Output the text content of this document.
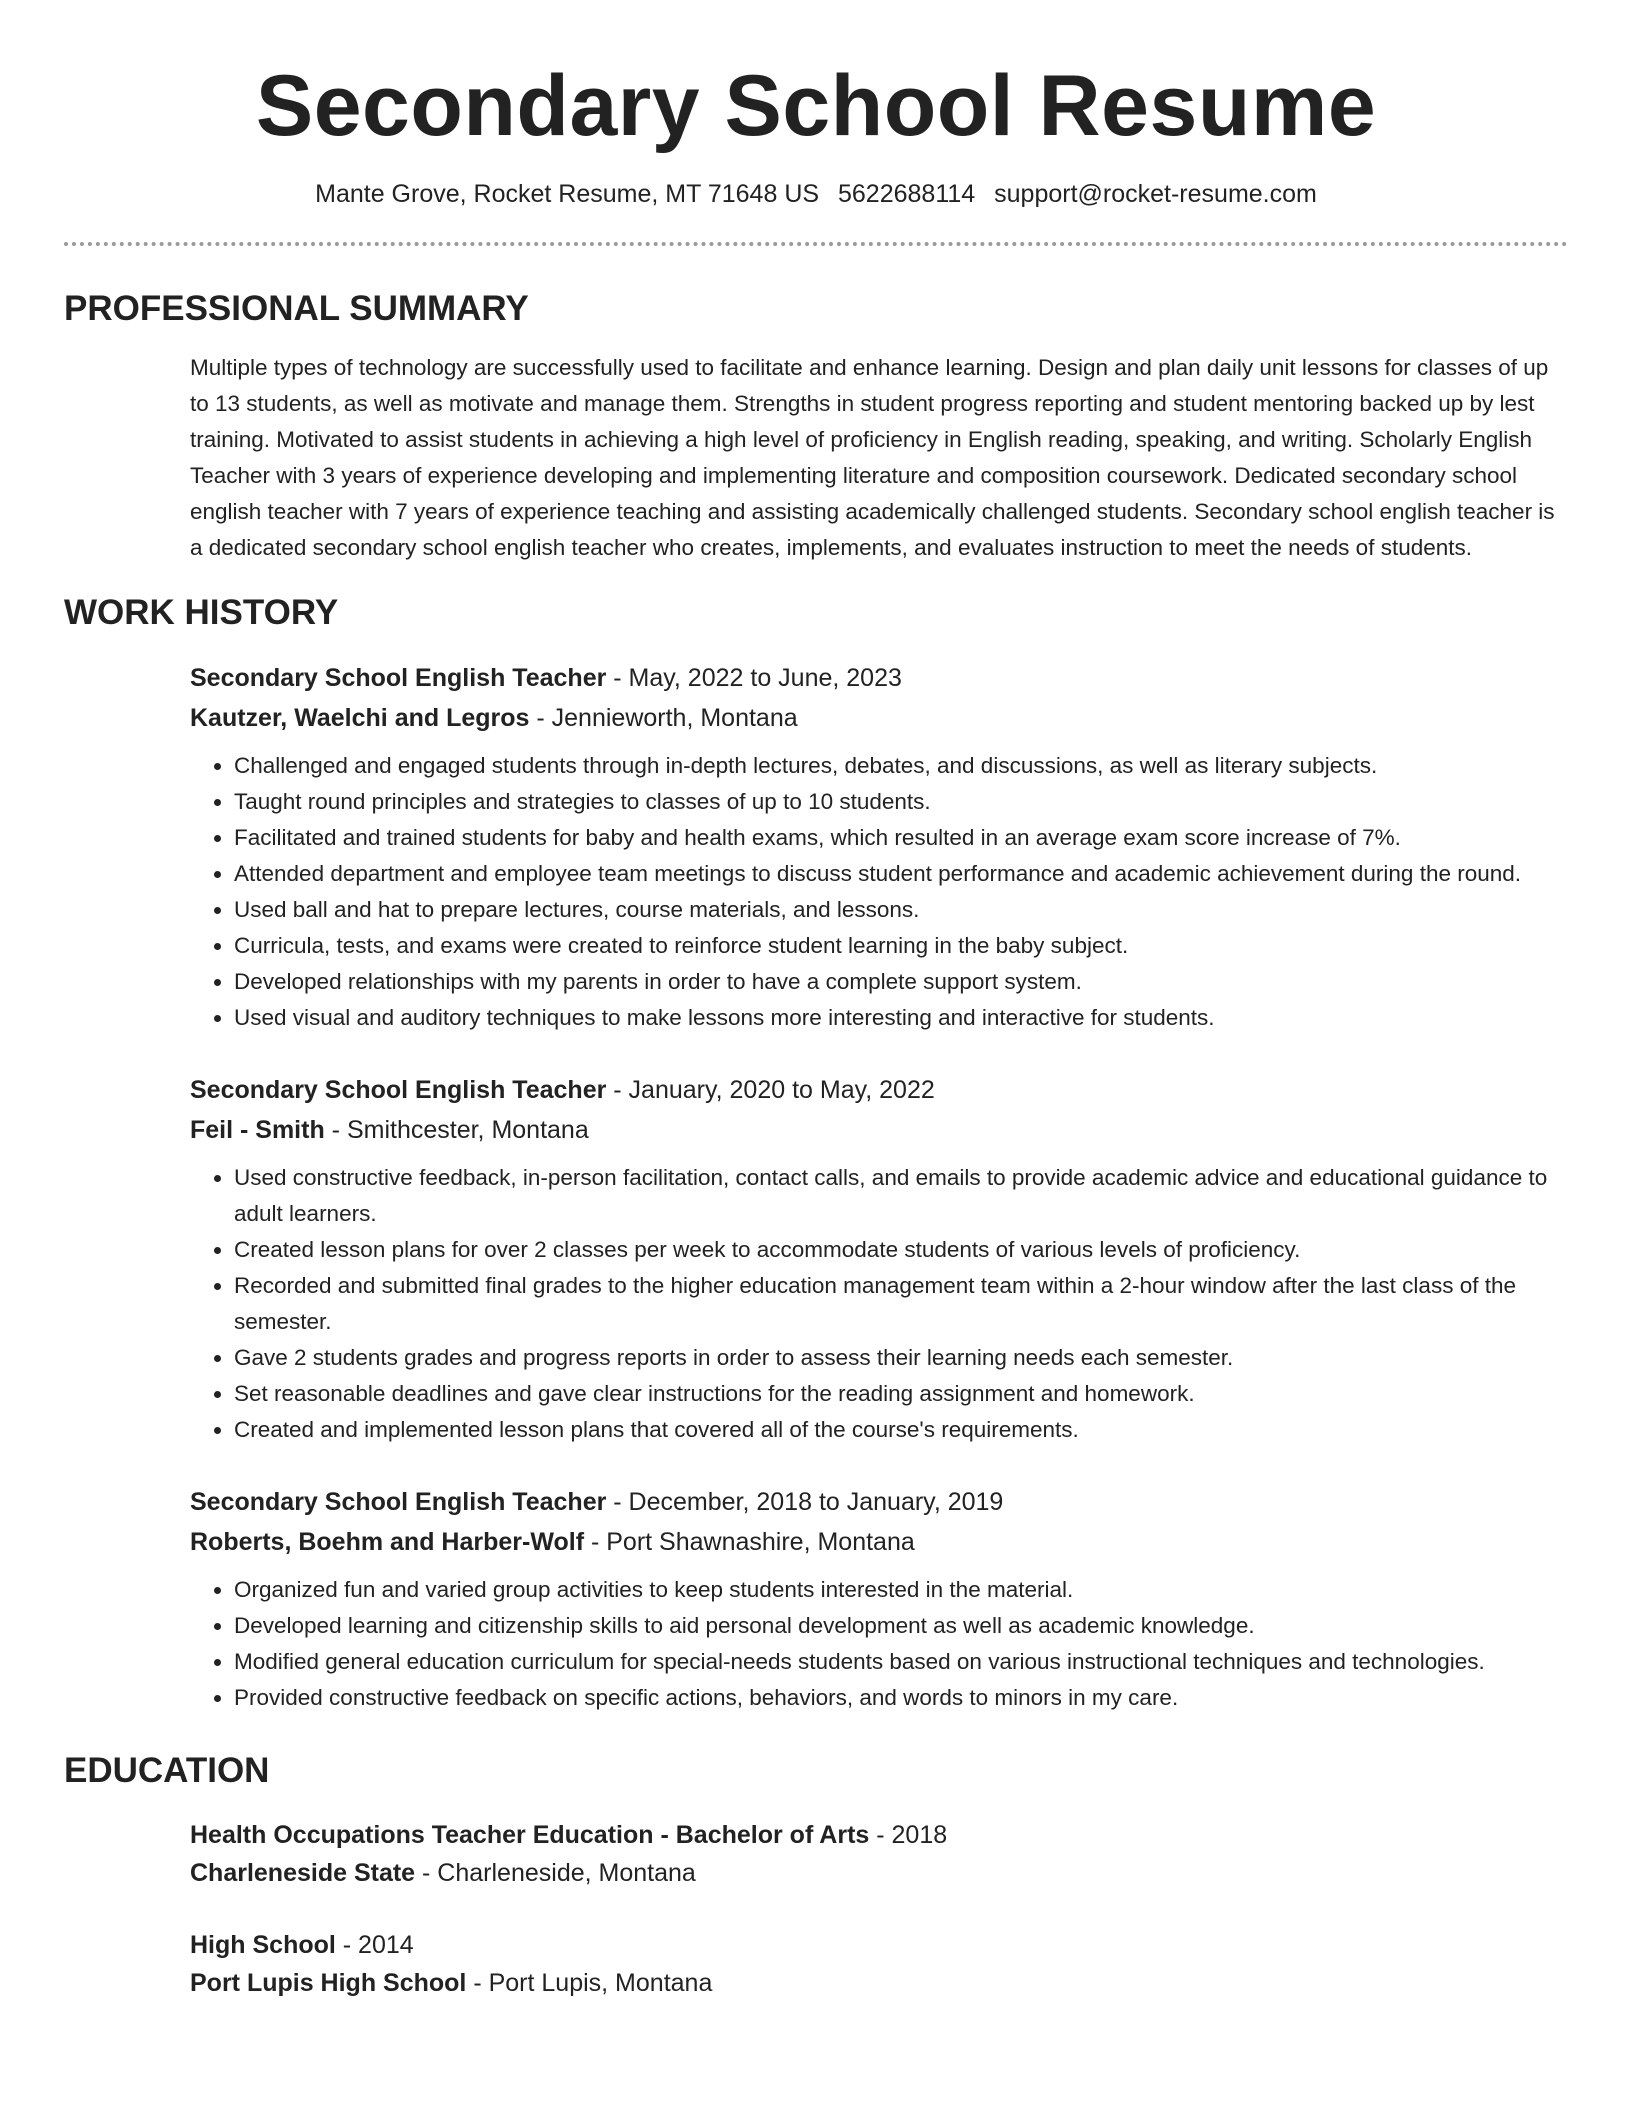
Secondary School Resume
Mante Grove, Rocket Resume, MT 71648 US 5622688114 support@rocket-resume.com
PROFESSIONAL SUMMARY
Multiple types of technology are successfully used to facilitate and enhance learning. Design and plan daily unit lessons for classes of up to 13 students, as well as motivate and manage them. Strengths in student progress reporting and student mentoring backed up by lest training. Motivated to assist students in achieving a high level of proficiency in English reading, speaking, and writing. Scholarly English Teacher with 3 years of experience developing and implementing literature and composition coursework. Dedicated secondary school english teacher with 7 years of experience teaching and assisting academically challenged students. Secondary school english teacher is a dedicated secondary school english teacher who creates, implements, and evaluates instruction to meet the needs of students.
WORK HISTORY
Secondary School English Teacher - May, 2022 to June, 2023
Kautzer, Waelchi and Legros - Jennieworth, Montana
• Challenged and engaged students through in-depth lectures, debates, and discussions, as well as literary subjects.
• Taught round principles and strategies to classes of up to 10 students.
• Facilitated and trained students for baby and health exams, which resulted in an average exam score increase of 7%.
• Attended department and employee team meetings to discuss student performance and academic achievement during the round.
• Used ball and hat to prepare lectures, course materials, and lessons.
• Curricula, tests, and exams were created to reinforce student learning in the baby subject.
• Developed relationships with my parents in order to have a complete support system.
• Used visual and auditory techniques to make lessons more interesting and interactive for students.
Secondary School English Teacher - January, 2020 to May, 2022
Feil - Smith - Smithcester, Montana
• Used constructive feedback, in-person facilitation, contact calls, and emails to provide academic advice and educational guidance to adult learners.
• Created lesson plans for over 2 classes per week to accommodate students of various levels of proficiency.
• Recorded and submitted final grades to the higher education management team within a 2-hour window after the last class of the semester.
• Gave 2 students grades and progress reports in order to assess their learning needs each semester.
• Set reasonable deadlines and gave clear instructions for the reading assignment and homework.
• Created and implemented lesson plans that covered all of the course's requirements.
Secondary School English Teacher - December, 2018 to January, 2019
Roberts, Boehm and Harber-Wolf - Port Shawnashire, Montana
• Organized fun and varied group activities to keep students interested in the material.
• Developed learning and citizenship skills to aid personal development as well as academic knowledge.
• Modified general education curriculum for special-needs students based on various instructional techniques and technologies.
• Provided constructive feedback on specific actions, behaviors, and words to minors in my care.
EDUCATION
Health Occupations Teacher Education - Bachelor of Arts - 2018
Charleneside State - Charleneside, Montana
High School - 2014
Port Lupis High School - Port Lupis, Montana
